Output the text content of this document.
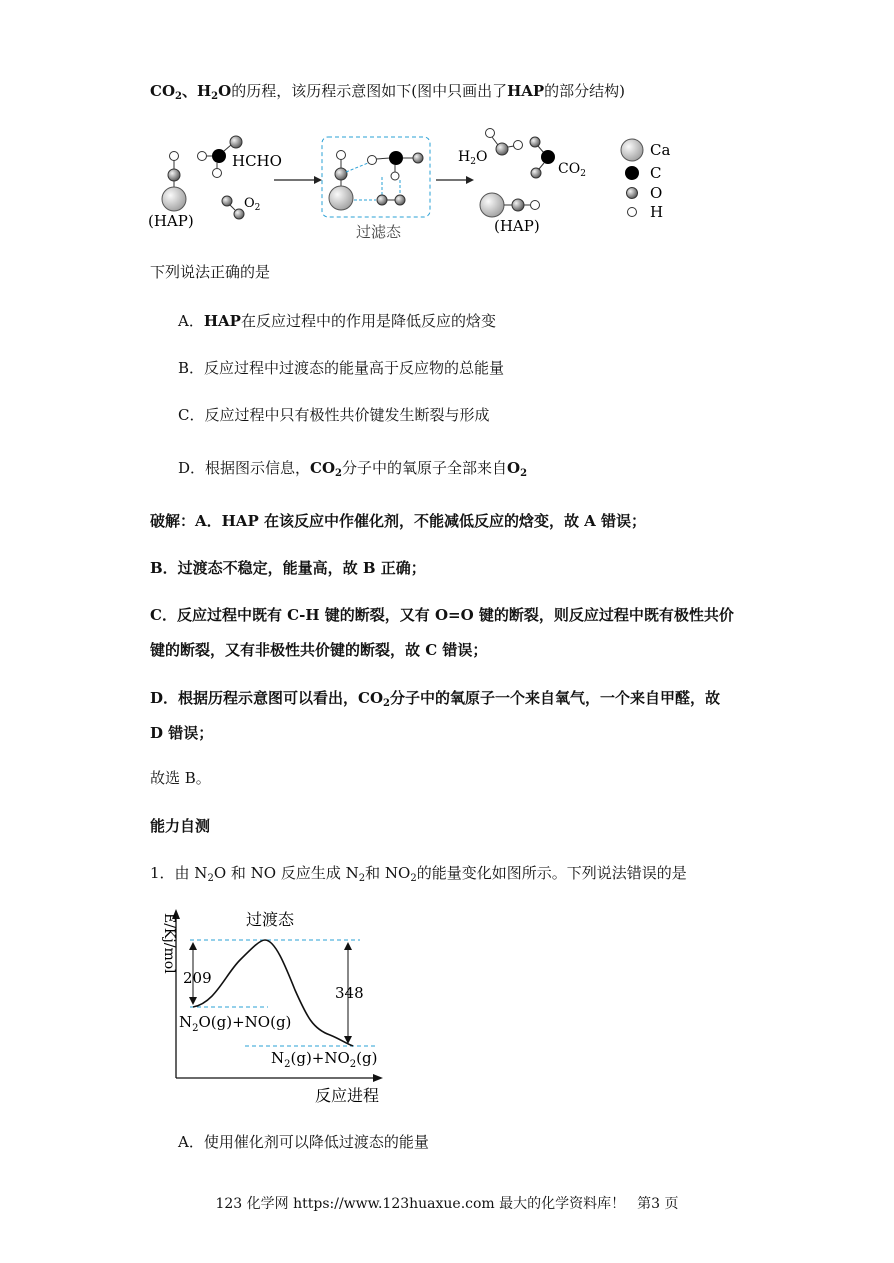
$CO_2$、$H_2O$的历程，该历程示意图如下(图中只画出了HAP的部分结构)
(HAP)
HCHO
$O_2$
过滤态
$H_2O$
$CO_2$
(HAP)
Ca
C
O
H
下列说法正确的是
A．HAP在反应过程中的作用是降低反应的焓变
B．反应过程中过渡态的能量高于反应物的总能量
C．反应过程中只有极性共价键发生断裂与形成
D．根据图示信息，$CO_2$分子中的氧原子全部来自$O_2$
破解：A．HAP 在该反应中作催化剂，不能减低反应的焓变，故 A 错误；
B．过渡态不稳定，能量高，故 B 正确；
C．反应过程中既有 C-H 键的断裂，又有 O=O 键的断裂，则反应过程中既有极性共价
键的断裂，又有非极性共价键的断裂，故 C 错误；
D．根据历程示意图可以看出，$CO_2$分子中的氧原子一个来自氧气，一个来自甲醛，故
D 错误；
故选 B。
能力自测
1．由 $N_2O$ 和 NO 反应生成 $N_2$和 $NO_2$的能量变化如图所示。下列说法错误的是
E/Kj/mol
反应进程
209
348
过渡态
$N_2O(g)+NO(g)$
$N_2(g)+NO_2(g)$
A．使用催化剂可以降低过渡态的能量
123 化学网 https://www.123huaxue.com 最大的化学资料库！ 第3 页
